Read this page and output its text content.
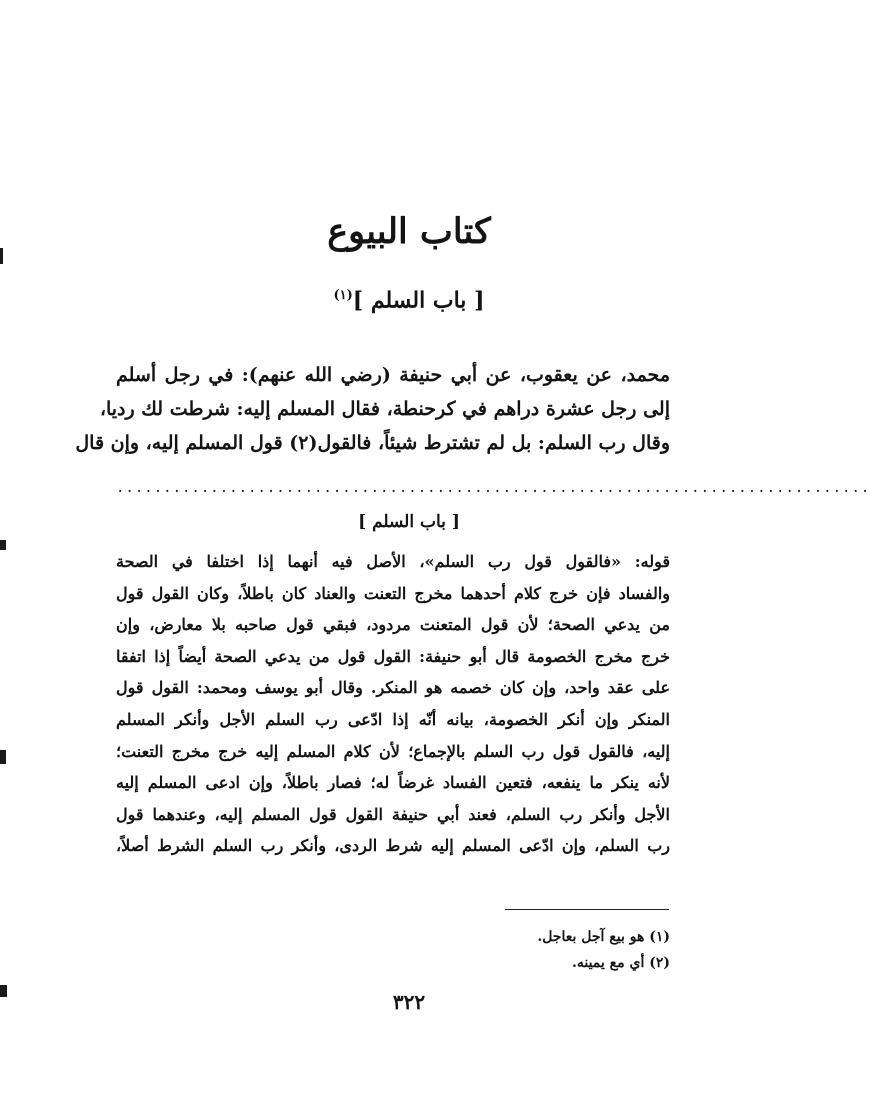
كتاب البيوع
[ باب السلم ]$^{(١)}$
محمد، عن يعقوب، عن أبي حنيفة (رضي الله عنهم): في رجل أسلم
إلى رجل عشرة دراهم في كرحنطة، فقال المسلم إليه: شرطت لك رديا،
وقال رب السلم: بل لم تشترط شيئاً، فالقول(٢) قول المسلم إليه، وإن قال
................................................................................
[ باب السلم ]
قوله: «فالقول قول رب السلم»، الأصل فيه أنهما إذا اختلفا في الصحة
والفساد فإن خرج كلام أحدهما مخرج التعنت والعناد كان باطلاً، وكان القول قول
من يدعي الصحة؛ لأن قول المتعنت مردود، فبقي قول صاحبه بلا معارض، وإن
خرج مخرج الخصومة قال أبو حنيفة: القول قول من يدعي الصحة أيضاً إذا اتفقا
على عقد واحد، وإن كان خصمه هو المنكر. وقال أبو يوسف ومحمد: القول قول
المنكر وإن أنكر الخصومة، بيانه أنّه إذا ادّعى رب السلم الأجل وأنكر المسلم
إليه، فالقول قول رب السلم بالإجماع؛ لأن كلام المسلم إليه خرج مخرج التعنت؛
لأنه ينكر ما ينفعه، فتعين الفساد غرضاً له؛ فصار باطلاً، وإن ادعى المسلم إليه
الأجل وأنكر رب السلم، فعند أبي حنيفة القول قول المسلم إليه، وعندهما قول
رب السلم، وإن ادّعى المسلم إليه شرط الردى، وأنكر رب السلم الشرط أصلاً،
(١) هو بيع آجل بعاجل.
(٢) أي مع يمينه.
٣٢٢
